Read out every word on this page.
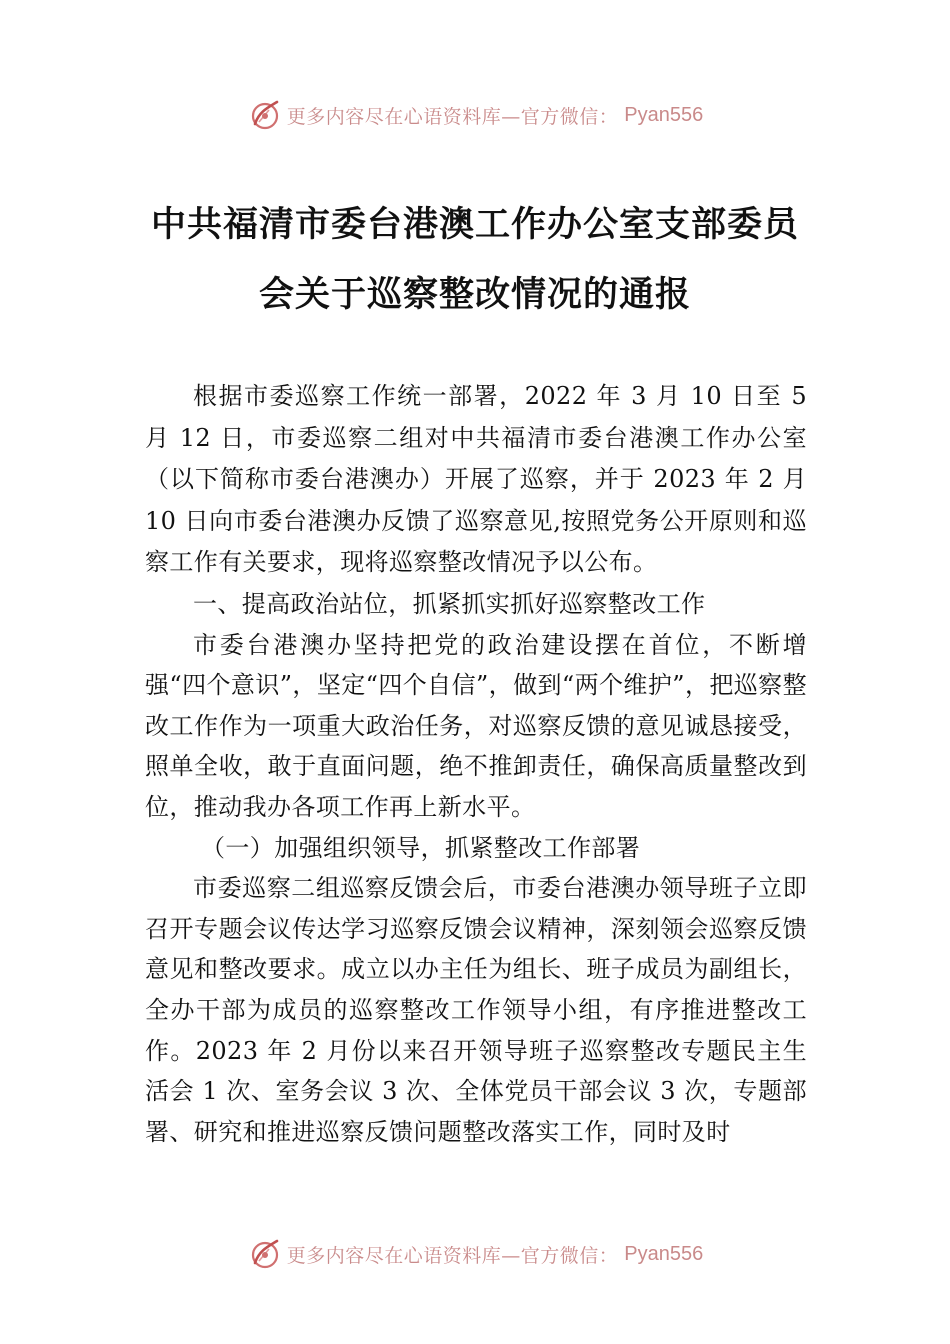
更多内容尽在心语资料库—官方微信： Pyan556
中共福清市委台港澳工作办公室支部委员会关于巡察整改情况的通报

根据市委巡察工作统一部署，2022 年 3 月 10 日至 5 月 12 日，市委巡察二组对中共福清市委台港澳工作办公室（以下简称市委台港澳办）开展了巡察，并于 2023 年 2 月 10 日向市委台港澳办反馈了巡察意见,按照党务公开原则和巡察工作有关要求，现将巡察整改情况予以公布。

一、提高政治站位，抓紧抓实抓好巡察整改工作

市委台港澳办坚持把党的政治建设摆在首位，不断增强“四个意识”，坚定“四个自信”，做到“两个维护”，把巡察整改工作作为一项重大政治任务，对巡察反馈的意见诚恳接受，照单全收，敢于直面问题，绝不推卸责任，确保高质量整改到位，推动我办各项工作再上新水平。

（一）加强组织领导，抓紧整改工作部署

市委巡察二组巡察反馈会后，市委台港澳办领导班子立即召开专题会议传达学习巡察反馈会议精神，深刻领会巡察反馈意见和整改要求。成立以办主任为组长、班子成员为副组长，全办干部为成员的巡察整改工作领导小组，有序推进整改工作。2023 年 2 月份以来召开领导班子巡察整改专题民主生活会 1 次、室务会议 3 次、全体党员干部会议 3 次，专题部署、研究和推进巡察反馈问题整改落实工作，同时及时

更多内容尽在心语资料库—官方微信： Pyan556
